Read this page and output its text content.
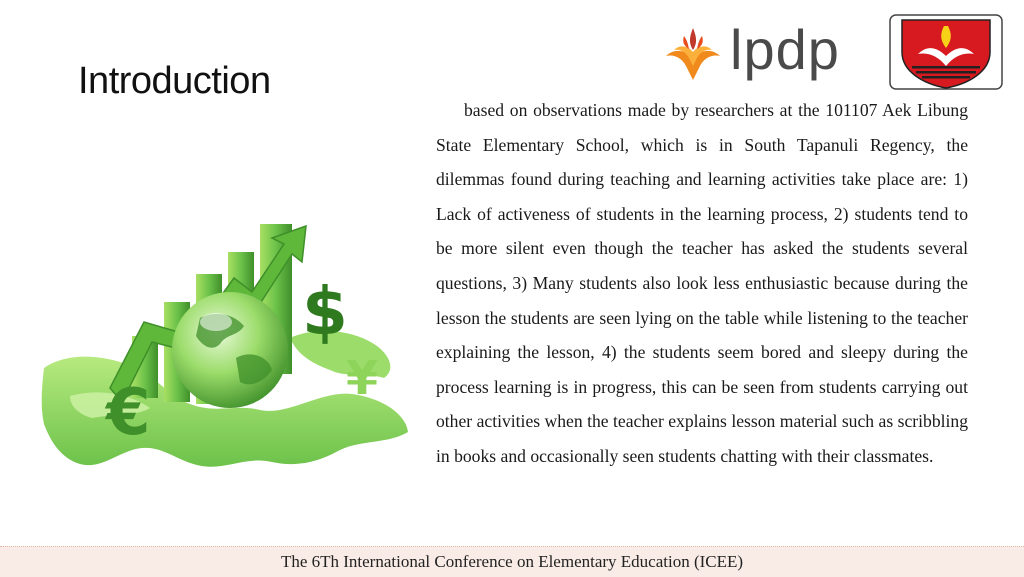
Introduction	lpdp
$
€	¥

based on observations made by researchers at the 101107 Aek Libung State Elementary School, which is in South Tapanuli Regency, the dilemmas found during teaching and learning activities take place are: 1) Lack of activeness of students in the learning process, 2) students tend to be more silent even though the teacher has asked the students several questions, 3) Many students also look less enthusiastic because during the lesson the students are seen lying on the table while listening to the teacher explaining the lesson, 4) the students seem bored and sleepy during the process learning is in progress, this can be seen from students carrying out other activities when the teacher explains lesson material such as scribbling in books and occasionally seen students chatting with their classmates.

The 6Th International Conference on Elementary Education (ICEE)
